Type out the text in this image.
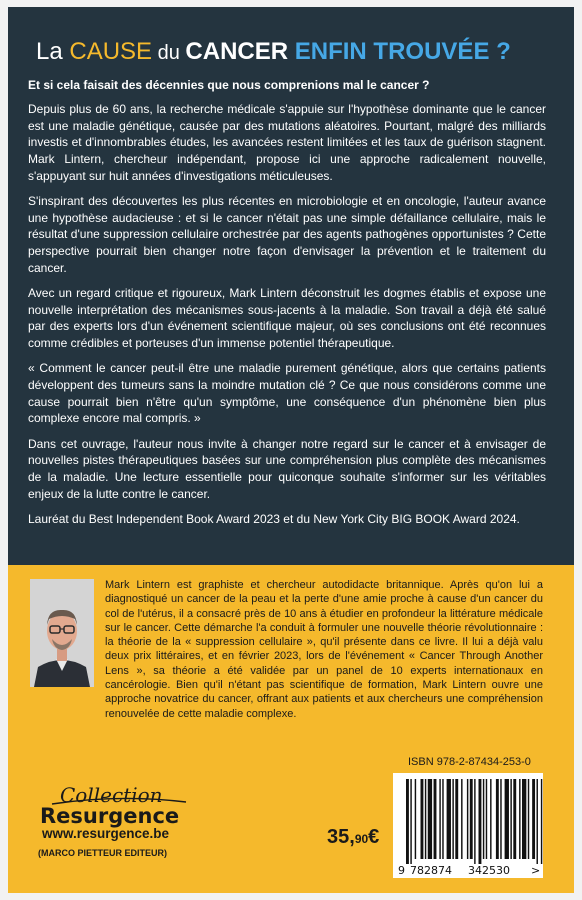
La CAUSE du CANCER ENFIN TROUVÉE ?
Et si cela faisait des décennies que nous comprenions mal le cancer ?

Depuis plus de 60 ans, la recherche médicale s'appuie sur l'hypothèse dominante que le cancer est une maladie génétique, causée par des mutations aléatoires. Pourtant, malgré des milliards investis et d'innombrables études, les avancées restent limitées et les taux de guérison stagnent. Mark Lintern, chercheur indépendant, propose ici une approche radicalement nouvelle, s'appuyant sur huit années d'investigations méticuleuses.

S'inspirant des découvertes les plus récentes en microbiologie et en oncologie, l'auteur avance une hypothèse audacieuse : et si le cancer n'était pas une simple défaillance cellulaire, mais le résultat d'une suppression cellulaire orchestrée par des agents pathogènes opportunistes ? Cette perspective pourrait bien changer notre façon d'envisager la prévention et le traitement du cancer.

Avec un regard critique et rigoureux, Mark Lintern déconstruit les dogmes établis et expose une nouvelle interprétation des mécanismes sous-jacents à la maladie. Son travail a déjà été salué par des experts lors d'un événement scientifique majeur, où ses conclusions ont été reconnues comme crédibles et porteuses d'un immense potentiel thérapeutique.

« Comment le cancer peut-il être une maladie purement génétique, alors que certains patients développent des tumeurs sans la moindre mutation clé ? Ce que nous considérons comme une cause pourrait bien n'être qu'un symptôme, une conséquence d'un phénomène bien plus complexe encore mal compris. »

Dans cet ouvrage, l'auteur nous invite à changer notre regard sur le cancer et à envisager de nouvelles pistes thérapeutiques basées sur une compréhension plus complète des mécanismes de la maladie. Une lecture essentielle pour quiconque souhaite s'informer sur les véritables enjeux de la lutte contre le cancer.

Lauréat du Best Independent Book Award 2023 et du New York City BIG BOOK Award 2024.

Mark Lintern est graphiste et chercheur autodidacte britannique. Après qu'on lui a diagnostiqué un cancer de la peau et la perte d'une amie proche à cause d'un cancer du col de l'utérus, il a consacré près de 10 ans à étudier en profondeur la littérature médicale sur le cancer. Cette démarche l'a conduit à formuler une nouvelle théorie révolutionnaire : la théorie de la « suppression cellulaire », qu'il présente dans ce livre. Il lui a déjà valu deux prix littéraires, et en février 2023, lors de l'événement « Cancer Through Another Lens », sa théorie a été validée par un panel de 10 experts internationaux en cancérologie. Bien qu'il n'étant pas scientifique de formation, Mark Lintern ouvre une approche novatrice du cancer, offrant aux patients et aux chercheurs une compréhension renouvelée de cette maladie complexe.
Collection
Resurgence
www.resurgence.be
(MARCO PIETTEUR EDITEUR)
35,90€
ISBN 978-2-87434-253-0
9 782874 342530 >
